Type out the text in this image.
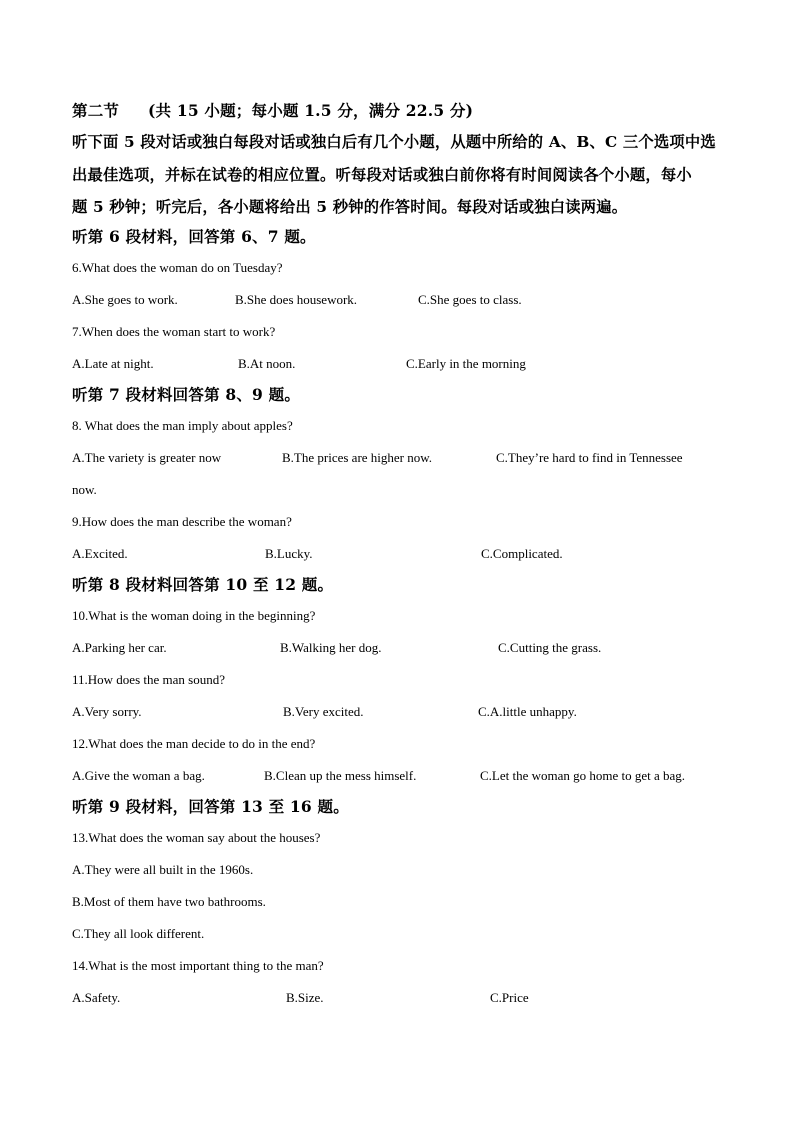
第二节 (共 15 小题；每小题 1.5 分，满分 22.5 分)
听下面 5 段对话或独白每段对话或独白后有几个小题，从题中所给的 A、B、C 三个选项中选
出最佳选项，并标在试卷的相应位置。听每段对话或独白前你将有时间阅读各个小题，每小
题 5 秒钟；听完后，各小题将给出 5 秒钟的作答时间。每段对话或独白读两遍。
听第 6 段材料，回答第 6、7 题。
6.What does the woman do on Tuesday?
A.She goes to work.	B.She does housework.	C.She goes to class.
7.When does the woman start to work?
A.Late at night.	B.At noon.	C.Early in the morning
听第 7 段材料回答第 8、9 题。
8. What does the man imply about apples?
A.The variety is greater now	B.The prices are higher now.	C.They’re hard to find in Tennessee
now.
9.How does the man describe the woman?
A.Excited.	B.Lucky.	C.Complicated.
听第 8 段材料回答第 10 至 12 题。
10.What is the woman doing in the beginning?
A.Parking her car.	B.Walking her dog.	C.Cutting the grass.
11.How does the man sound?
A.Very sorry.	B.Very excited.	C.A.little unhappy.
12.What does the man decide to do in the end?
A.Give the woman a bag.	B.Clean up the mess himself.	C.Let the woman go home to get a bag.
听第 9 段材料，回答第 13 至 16 题。
13.What does the woman say about the houses?
A.They were all built in the 1960s.
B.Most of them have two bathrooms.
C.They all look different.
14.What is the most important thing to the man?
A.Safety.	B.Size.	C.Price
